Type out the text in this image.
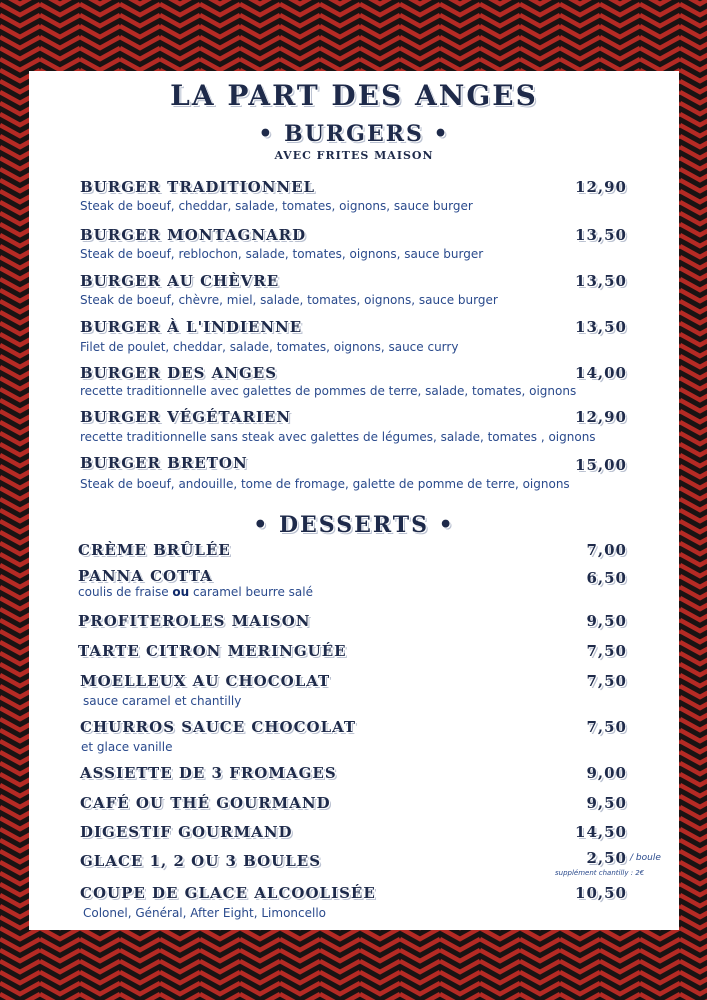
LA PART DES ANGES
• BURGERS •
AVEC FRITES MAISON
BURGER TRADITIONNEL	12,90
Steak de boeuf, cheddar, salade, tomates, oignons, sauce burger
BURGER MONTAGNARD	13,50
Steak de boeuf, reblochon, salade, tomates, oignons, sauce burger
BURGER AU CHÈVRE	13,50
Steak de boeuf, chèvre, miel, salade, tomates, oignons, sauce burger
BURGER À L'INDIENNE	13,50
Filet de poulet, cheddar, salade, tomates, oignons, sauce curry
BURGER DES ANGES	14,00
recette traditionnelle avec galettes de pommes de terre, salade, tomates, oignons
BURGER VÉGÉTARIEN	12,90
recette traditionnelle sans steak avec galettes de légumes, salade, tomates , oignons
BURGER BRETON	15,00
Steak de boeuf, andouille, tome de fromage, galette de pomme de terre, oignons
• DESSERTS •
CRÈME BRÛLÉE	7,00
PANNA COTTA	6,50
coulis de fraise ou caramel beurre salé
PROFITEROLES MAISON	9,50
TARTE CITRON MERINGUÉE	7,50
MOELLEUX AU CHOCOLAT	7,50
sauce caramel et chantilly
CHURROS SAUCE CHOCOLAT	7,50
et glace vanille
ASSIETTE DE 3 FROMAGES	9,00
CAFÉ OU THÉ GOURMAND	9,50
DIGESTIF GOURMAND	14,50
GLACE 1, 2 OU 3 BOULES	2,50 / boule
supplément chantilly : 2€
COUPE DE GLACE ALCOOLISÉE	10,50
Colonel, Général, After Eight, Limoncello
